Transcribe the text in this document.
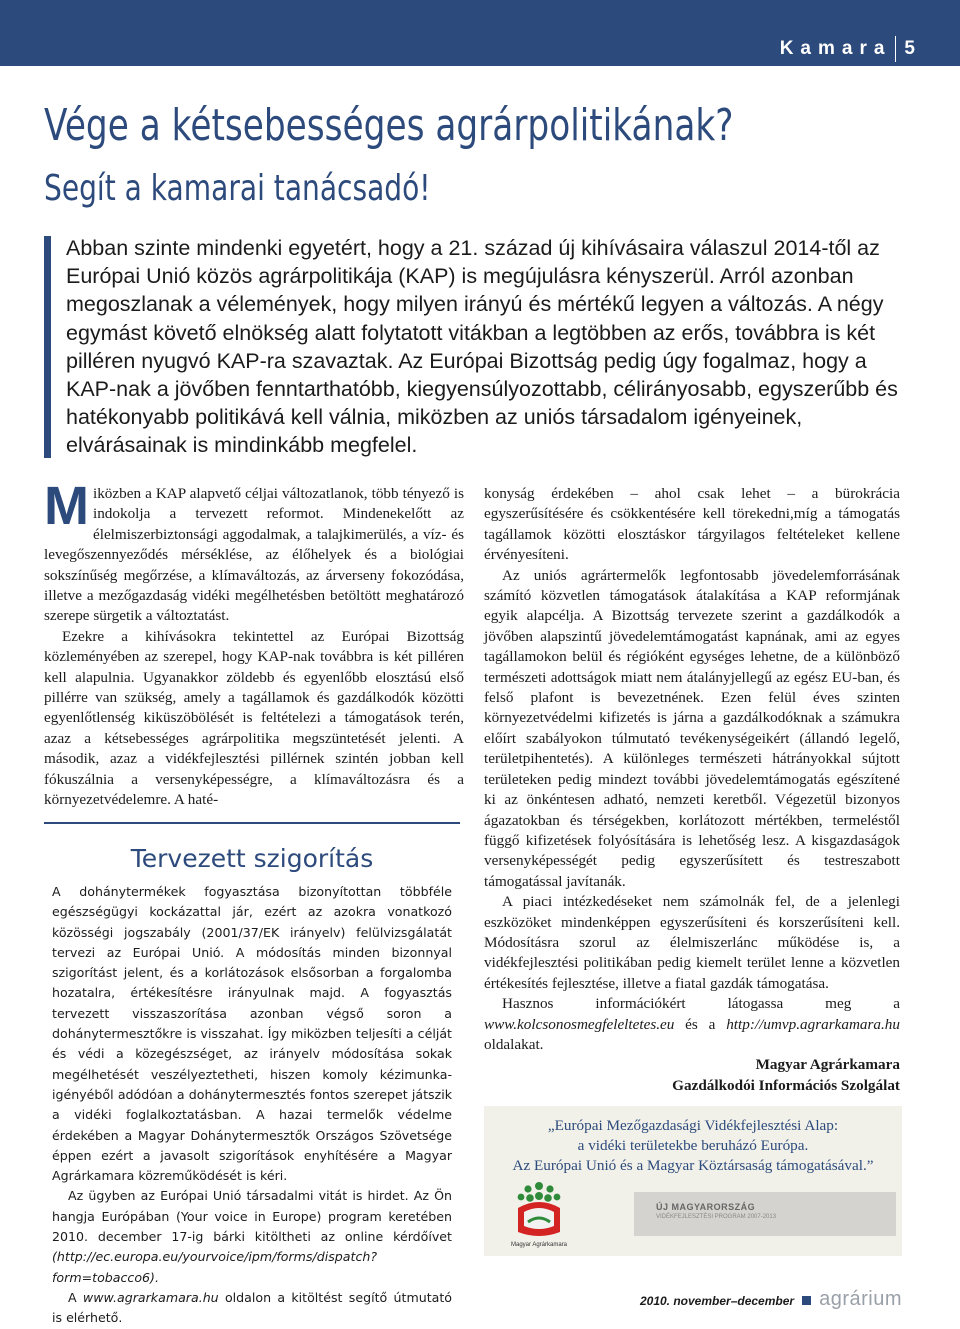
Kamara 5
Vége a kétsebességes agrárpolitikának?
Segít a kamarai tanácsadó!

Abban szinte mindenki egyetért, hogy a 21. század új kihívásaira válaszul 2014-től az Európai Unió közös agrárpolitikája (KAP) is megújulásra kényszerül. Arról azonban megoszlanak a vélemények, hogy milyen irányú és mértékű legyen a változás. A négy egymást követő elnökség alatt folytatott vitákban a legtöbben az erős, továbbra is két pilléren nyugvó KAP-ra szavaztak. Az Európai Bizottság pedig úgy fogalmaz, hogy a KAP-nak a jövőben fenntarthatóbb, kiegyensúlyozottabb, célirányosabb, egyszerűbb és hatékonyabb politikává kell válnia, miközben az uniós társadalom igényeinek, elvárásainak is mindinkább megfelel.

Miközben a KAP alapvető céljai változatlanok, több tényező is indokolja a tervezett reformot. Mindenekelőtt az élelmiszerbiztonsági aggodalmak, a talajkimerülés, a víz- és levegőszennyeződés mérséklése, az élőhelyek és a biológiai sokszínűség megőrzése, a klímaváltozás, az árverseny fokozódása, illetve a mezőgazdaság vidéki megélhetésben betöltött meghatározó szerepe sürgetik a változtatást.

Ezekre a kihívásokra tekintettel az Európai Bizottság közleményében az szerepel, hogy KAP-nak továbbra is két pilléren kell alapulnia. Ugyanakkor zöldebb és egyenlőbb elosztású első pillérre van szükség, amely a tagállamok és gazdálkodók közötti egyenlőtlenség kiküszöbölését is feltételezi a támogatások terén, azaz a kétsebességes agrárpolitika megszüntetését jelenti. A második, azaz a vidékfejlesztési pillérnek szintén jobban kell fókuszálnia a versenyképességre, a klímaváltozásra és a környezetvédelemre. A haté-

konyság érdekében – ahol csak lehet – a bürokrácia egyszerűsítésére és csökkentésére kell törekedni,míg a támogatás tagállamok közötti elosztáskor tárgyilagos feltételeket kellene érvényesíteni.

Az uniós agrártermelők legfontosabb jövedelemforrásának számító közvetlen támogatások átalakítása a KAP reformjának egyik alapcélja. A Bizottság tervezete szerint a gazdálkodók a jövőben alapszintű jövedelemtámogatást kapnának, ami az egyes tagállamokon belül és régióként egységes lehetne, de a különböző természeti adottságok miatt nem átalányjellegű az egész EU-ban, és felső plafont is bevezetnének. Ezen felül éves szinten környezetvédelmi kifizetés is járna a gazdálkodóknak a számukra előírt szabályokon túlmutató tevékenységeikért (állandó legelő, területpihentetés). A különleges természeti hátrányokkal sújtott területeken pedig mindezt további jövedelemtámogatás egészítené ki az önkéntesen adható, nemzeti keretből. Végezetül bizonyos ágazatokban és térségekben, korlátozott mértékben, termeléstől függő kifizetések folyósítására is lehetőség lesz. A kisgazdaságok versenyképességét pedig egyszerűsített és testreszabott támogatással javítanák.

A piaci intézkedéseket nem számolnák fel, de a jelenlegi eszközöket mindenképpen egyszerűsíteni és korszerűsíteni kell. Módosításra szorul az élelmiszerlánc működése is, a vidékfejlesztési politikában pedig kiemelt terület lenne a közvetlen értékesítés fejlesztése, illetve a fiatal gazdák támogatása.

Hasznos információkért látogassa meg a www.kolcsonosmegfeleltetes.eu és a http://umvp.agrarkamara.hu oldalakat.

Magyar Agrárkamara

Gazdálkodói Információs Szolgálat

Tervezett szigorítás

A dohánytermékek fogyasztása bizonyítottan többféle egészségügyi kockázattal jár, ezért az azokra vonatkozó közösségi jogszabály (2001/37/EK irányelv) felülvizsgálatát tervezi az Európai Unió. A módosítás minden bizonnyal szigorítást jelent, és a korlátozások elsősorban a forgalomba hozatalra, értékesítésre irányulnak majd. A fogyasztás tervezett visszaszorítása azonban végső soron a dohánytermesztőkre is visszahat. Így miközben teljesíti a célját és védi a közegészséget, az irányelv módosítása sokak megélhetését veszélyeztetheti, hiszen komoly kézimunka-igényéből adódóan a dohánytermesztés fontos szerepet játszik a vidéki foglalkoztatásban. A hazai termelők védelme érdekében a Magyar Dohánytermesztők Országos Szövetsége éppen ezért a javasolt szigorítások enyhítésére a Magyar Agrárkamara közreműködését is kéri.

Az ügyben az Európai Unió társadalmi vitát is hirdet. Az Ön hangja Európában (Your voice in Europe) program keretében 2010. december 17-ig bárki kitöltheti az online kérdőívet (http://ec.europa.eu/yourvoice/ipm/forms/dispatch?form=tobacco6).

A www.agrarkamara.hu oldalon a kitöltést segítő útmutató is elérhető.

„Európai Mezőgazdasági Vidékfejlesztési Alap:
a vidéki területekbe beruházó Európa.
Az Európai Unió és a Magyar Köztársaság támogatásával.”
Magyar Agrárkamara
ÚJ MAGYARORSZÁG
VIDÉKFEJLESZTÉSI PROGRAM 2007-2013
2010. november–december agrárium
